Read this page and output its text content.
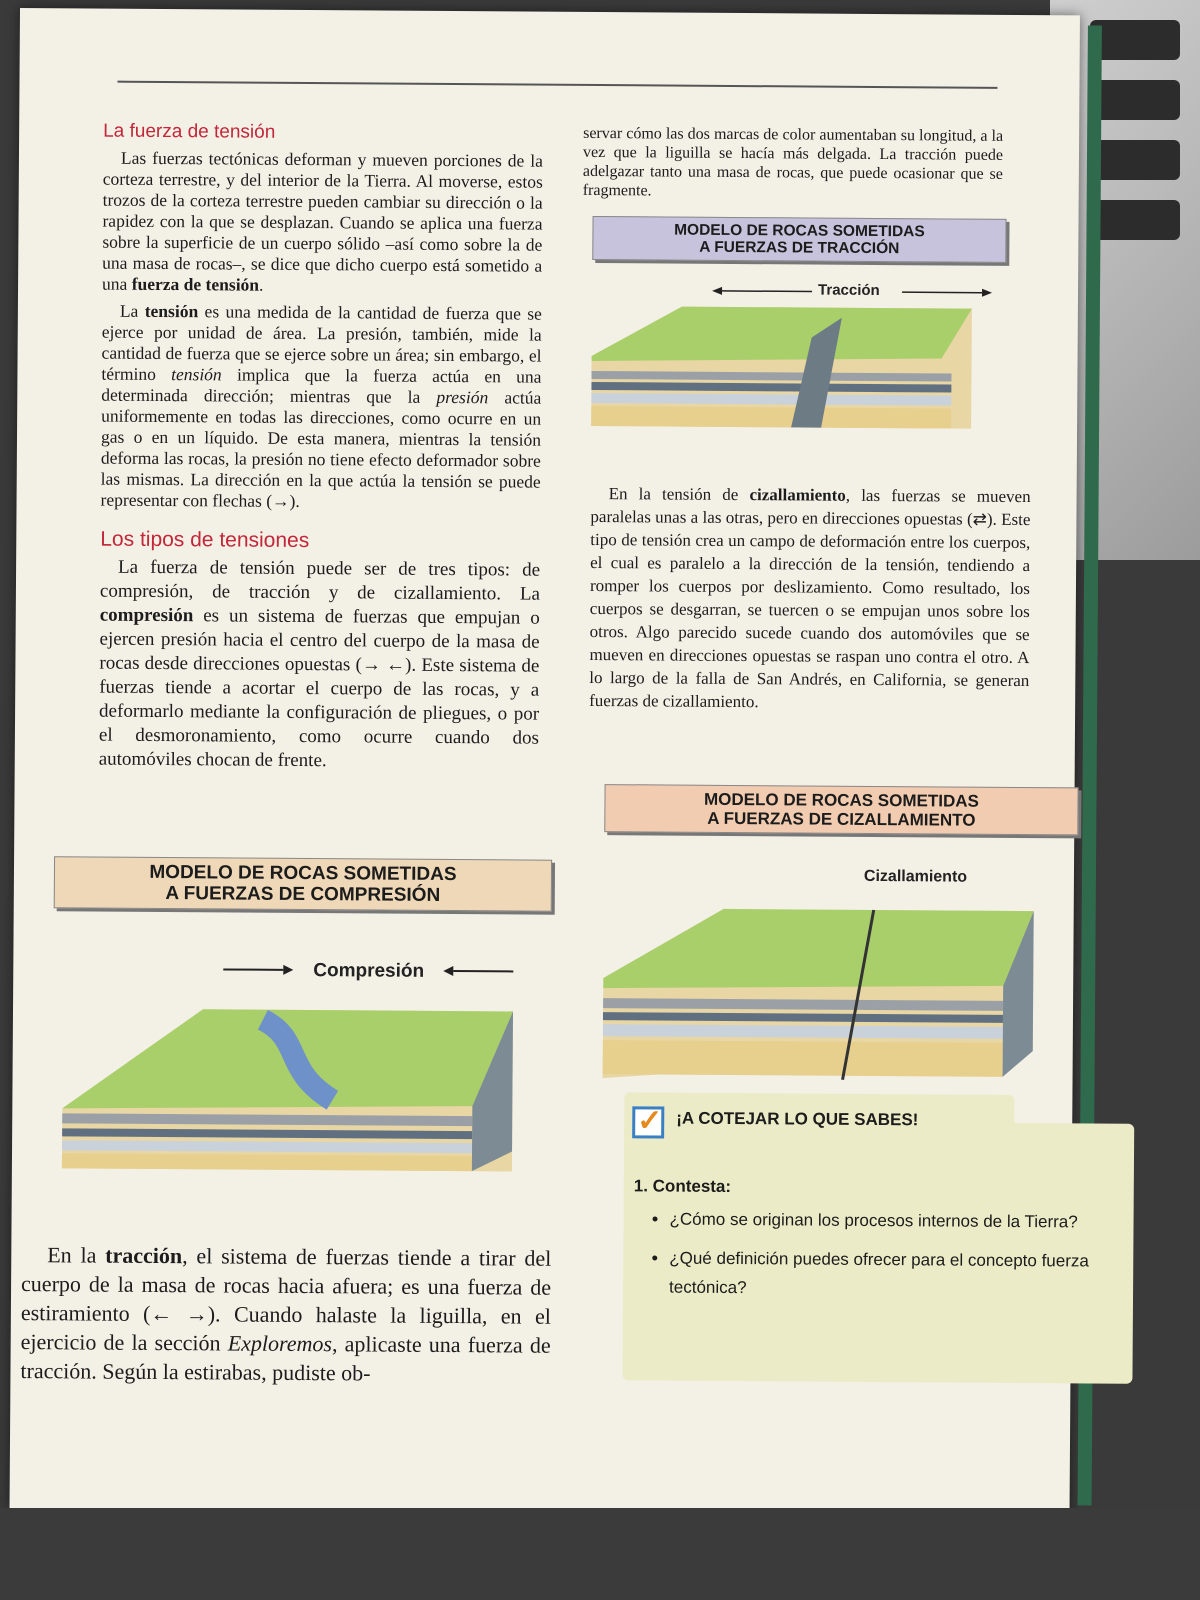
La fuerza de tensión

Las fuerzas tectónicas deforman y mueven porciones de la corteza terrestre, y del interior de la Tierra. Al moverse, estos trozos de la corteza terrestre pueden cambiar su dirección o la rapidez con la que se desplazan. Cuando se aplica una fuerza sobre la superficie de un cuerpo sólido –así como sobre la de una masa de rocas–, se dice que dicho cuerpo está sometido a una fuerza de tensión.

La tensión es una medida de la cantidad de fuerza que se ejerce por unidad de área. La presión, también, mide la cantidad de fuerza que se ejerce sobre un área; sin embargo, el término tensión implica que la fuerza actúa en una determinada dirección; mientras que la presión actúa uniformemente en todas las direcciones, como ocurre en un gas o en un líquido. De esta manera, mientras la tensión deforma las rocas, la presión no tiene efecto deformador sobre las mismas. La dirección en la que actúa la tensión se puede representar con flechas (→).

Los tipos de tensiones

La fuerza de tensión puede ser de tres tipos: de compresión, de tracción y de cizallamiento. La compresión es un sistema de fuerzas que empujan o ejercen presión hacia el centro del cuerpo de la masa de rocas desde direcciones opuestas (→ ←). Este sistema de fuerzas tiende a acortar el cuerpo de las rocas, y a deformarlo mediante la configuración de pliegues, o por el desmoronamiento, como ocurre cuando dos automóviles chocan de frente.

MODELO DE ROCAS SOMETIDAS
A FUERZAS DE COMPRESIÓN
Compresión

En la tracción, el sistema de fuerzas tiende a tirar del cuerpo de la masa de rocas hacia afuera; es una fuerza de estiramiento (← →). Cuando halaste la liguilla, en el ejercicio de la sección Exploremos, aplicaste una fuerza de tracción. Según la estirabas, pudiste ob-

servar cómo las dos marcas de color aumentaban su longitud, a la vez que la liguilla se hacía más delgada. La tracción puede adelgazar tanto una masa de rocas, que puede ocasionar que se fragmente.

MODELO DE ROCAS SOMETIDAS
A FUERZAS DE TRACCIÓN
Tracción

En la tensión de cizallamiento, las fuerzas se mueven paralelas unas a las otras, pero en direcciones opuestas (⇄). Este tipo de tensión crea un campo de deformación entre los cuerpos, el cual es paralelo a la dirección de la tensión, tendiendo a romper los cuerpos por deslizamiento. Como resultado, los cuerpos se desgarran, se tuercen o se empujan unos sobre los otros. Algo parecido sucede cuando dos automóviles que se mueven en direcciones opuestas se raspan uno contra el otro. A lo largo de la falla de San Andrés, en California, se generan fuerzas de cizallamiento.

MODELO DE ROCAS SOMETIDAS
A FUERZAS DE CIZALLAMIENTO
Cizallamiento
✓ ¡A COTEJAR LO QUE SABES!
1. Contesta:
• ¿Cómo se originan los procesos internos de la Tierra?
• ¿Qué definición puedes ofrecer para el concepto fuerza tectónica?
